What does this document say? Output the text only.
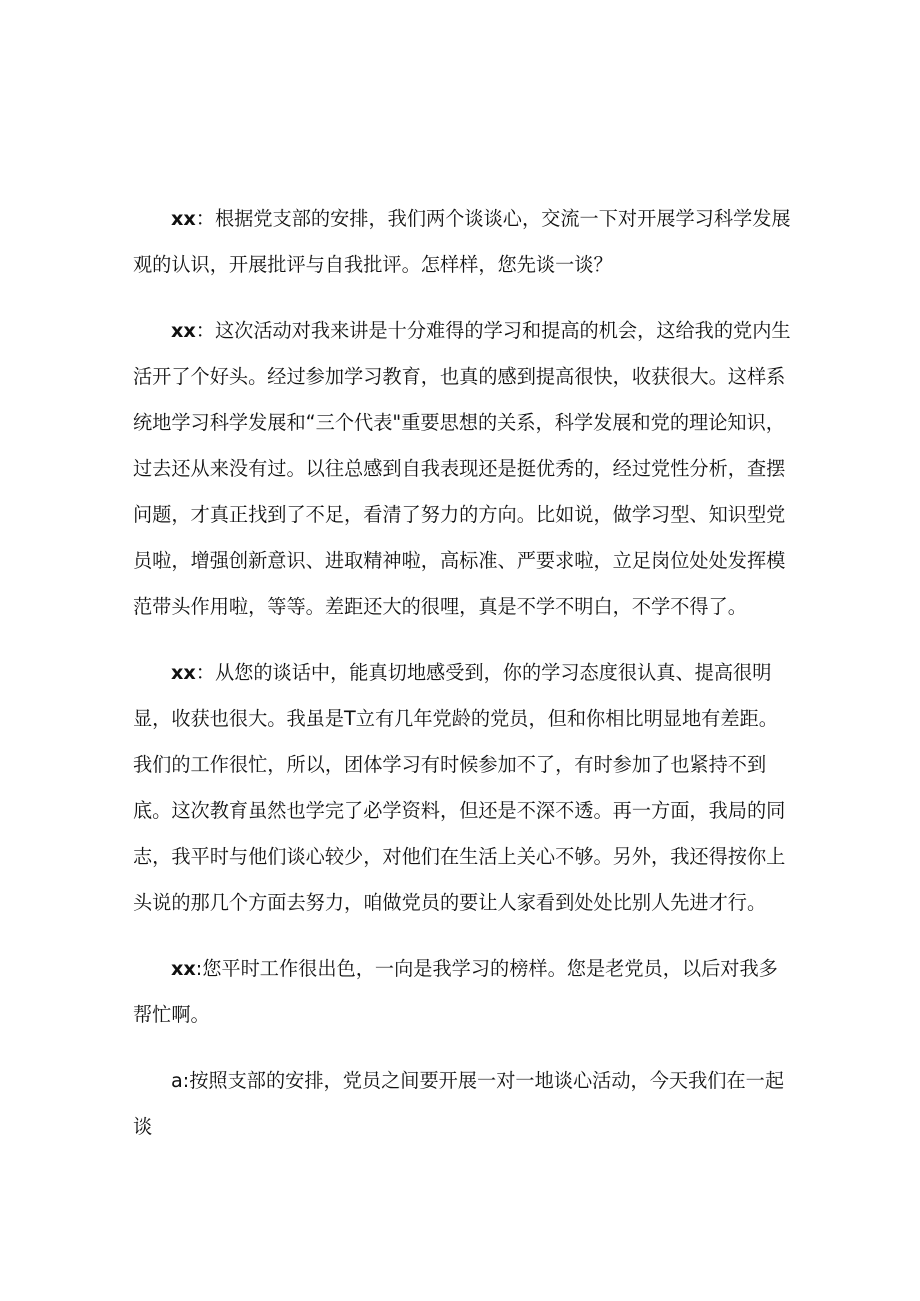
xx：根据党支部的安排，我们两个谈谈心，交流一下对开展学习科学发展观的认识，开展批评与自我批评。怎样样，您先谈一谈？

xx：这次活动对我来讲是十分难得的学习和提高的机会，这给我的党内生活开了个好头。经过参加学习教育，也真的感到提高很快，收获很大。这样系统地学习科学发展和“三个代表"重要思想的关系，科学发展和党的理论知识，过去还从来没有过。以往总感到自我表现还是挺优秀的，经过党性分析，查摆问题，才真正找到了不足，看清了努力的方向。比如说，做学习型、知识型党员啦，增强创新意识、进取精神啦，高标准、严要求啦，立足岗位处处发挥模范带头作用啦，等等。差距还大的很哩，真是不学不明白，不学不得了。

xx：从您的谈话中，能真切地感受到，你的学习态度很认真、提高很明显，收获也很大。我虽是T立有几年党龄的党员，但和你相比明显地有差距。我们的工作很忙，所以，团体学习有时候参加不了，有时参加了也紧持不到底。这次教育虽然也学完了必学资料，但还是不深不透。再一方面，我局的同志，我平时与他们谈心较少，对他们在生活上关心不够。另外，我还得按你上头说的那几个方面去努力，咱做党员的要让人家看到处处比别人先进才行。

xx:您平时工作很出色，一向是我学习的榜样。您是老党员，以后对我多帮忙啊。

a:按照支部的安排，党员之间要开展一对一地谈心活动，今天我们在一起谈
